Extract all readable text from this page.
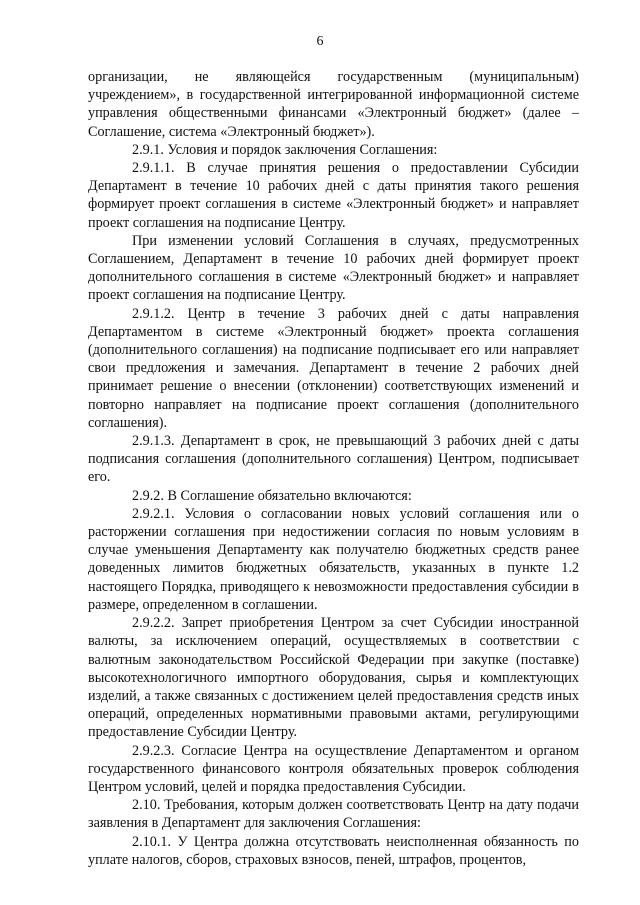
6

организации, не являющейся государственным (муниципальным) учреждением», в государственной интегрированной информационной системе управления общественными финансами «Электронный бюджет» (далее – Соглашение, система «Электронный бюджет»).

2.9.1. Условия и порядок заключения Соглашения:

2.9.1.1. В случае принятия решения о предоставлении Субсидии Департамент в течение 10 рабочих дней с даты принятия такого решения формирует проект соглашения в системе «Электронный бюджет» и направляет проект соглашения на подписание Центру.

При изменении условий Соглашения в случаях, предусмотренных Соглашением, Департамент в течение 10 рабочих дней формирует проект дополнительного соглашения в системе «Электронный бюджет» и направляет проект соглашения на подписание Центру.

2.9.1.2. Центр в течение 3 рабочих дней с даты направления Департаментом в системе «Электронный бюджет» проекта соглашения (дополнительного соглашения) на подписание подписывает его или направляет свои предложения и замечания. Департамент в течение 2 рабочих дней принимает решение о внесении (отклонении) соответствующих изменений и повторно направляет на подписание проект соглашения (дополнительного соглашения).

2.9.1.3. Департамент в срок, не превышающий 3 рабочих дней с даты подписания соглашения (дополнительного соглашения) Центром, подписывает его.

2.9.2. В Соглашение обязательно включаются:

2.9.2.1. Условия о согласовании новых условий соглашения или о расторжении соглашения при недостижении согласия по новым условиям в случае уменьшения Департаменту как получателю бюджетных средств ранее доведенных лимитов бюджетных обязательств, указанных в пункте 1.2 настоящего Порядка, приводящего к невозможности предоставления субсидии в размере, определенном в соглашении.

2.9.2.2. Запрет приобретения Центром за счет Субсидии иностранной валюты, за исключением операций, осуществляемых в соответствии с валютным законодательством Российской Федерации при закупке (поставке) высокотехнологичного импортного оборудования, сырья и комплектующих изделий, а также связанных с достижением целей предоставления средств иных операций, определенных нормативными правовыми актами, регулирующими предоставление Субсидии Центру.

2.9.2.3. Согласие Центра на осуществление Департаментом и органом государственного финансового контроля обязательных проверок соблюдения Центром условий, целей и порядка предоставления Субсидии.

2.10. Требования, которым должен соответствовать Центр на дату подачи заявления в Департамент для заключения Соглашения:

2.10.1. У Центра должна отсутствовать неисполненная обязанность по уплате налогов, сборов, страховых взносов, пеней, штрафов, процентов,
